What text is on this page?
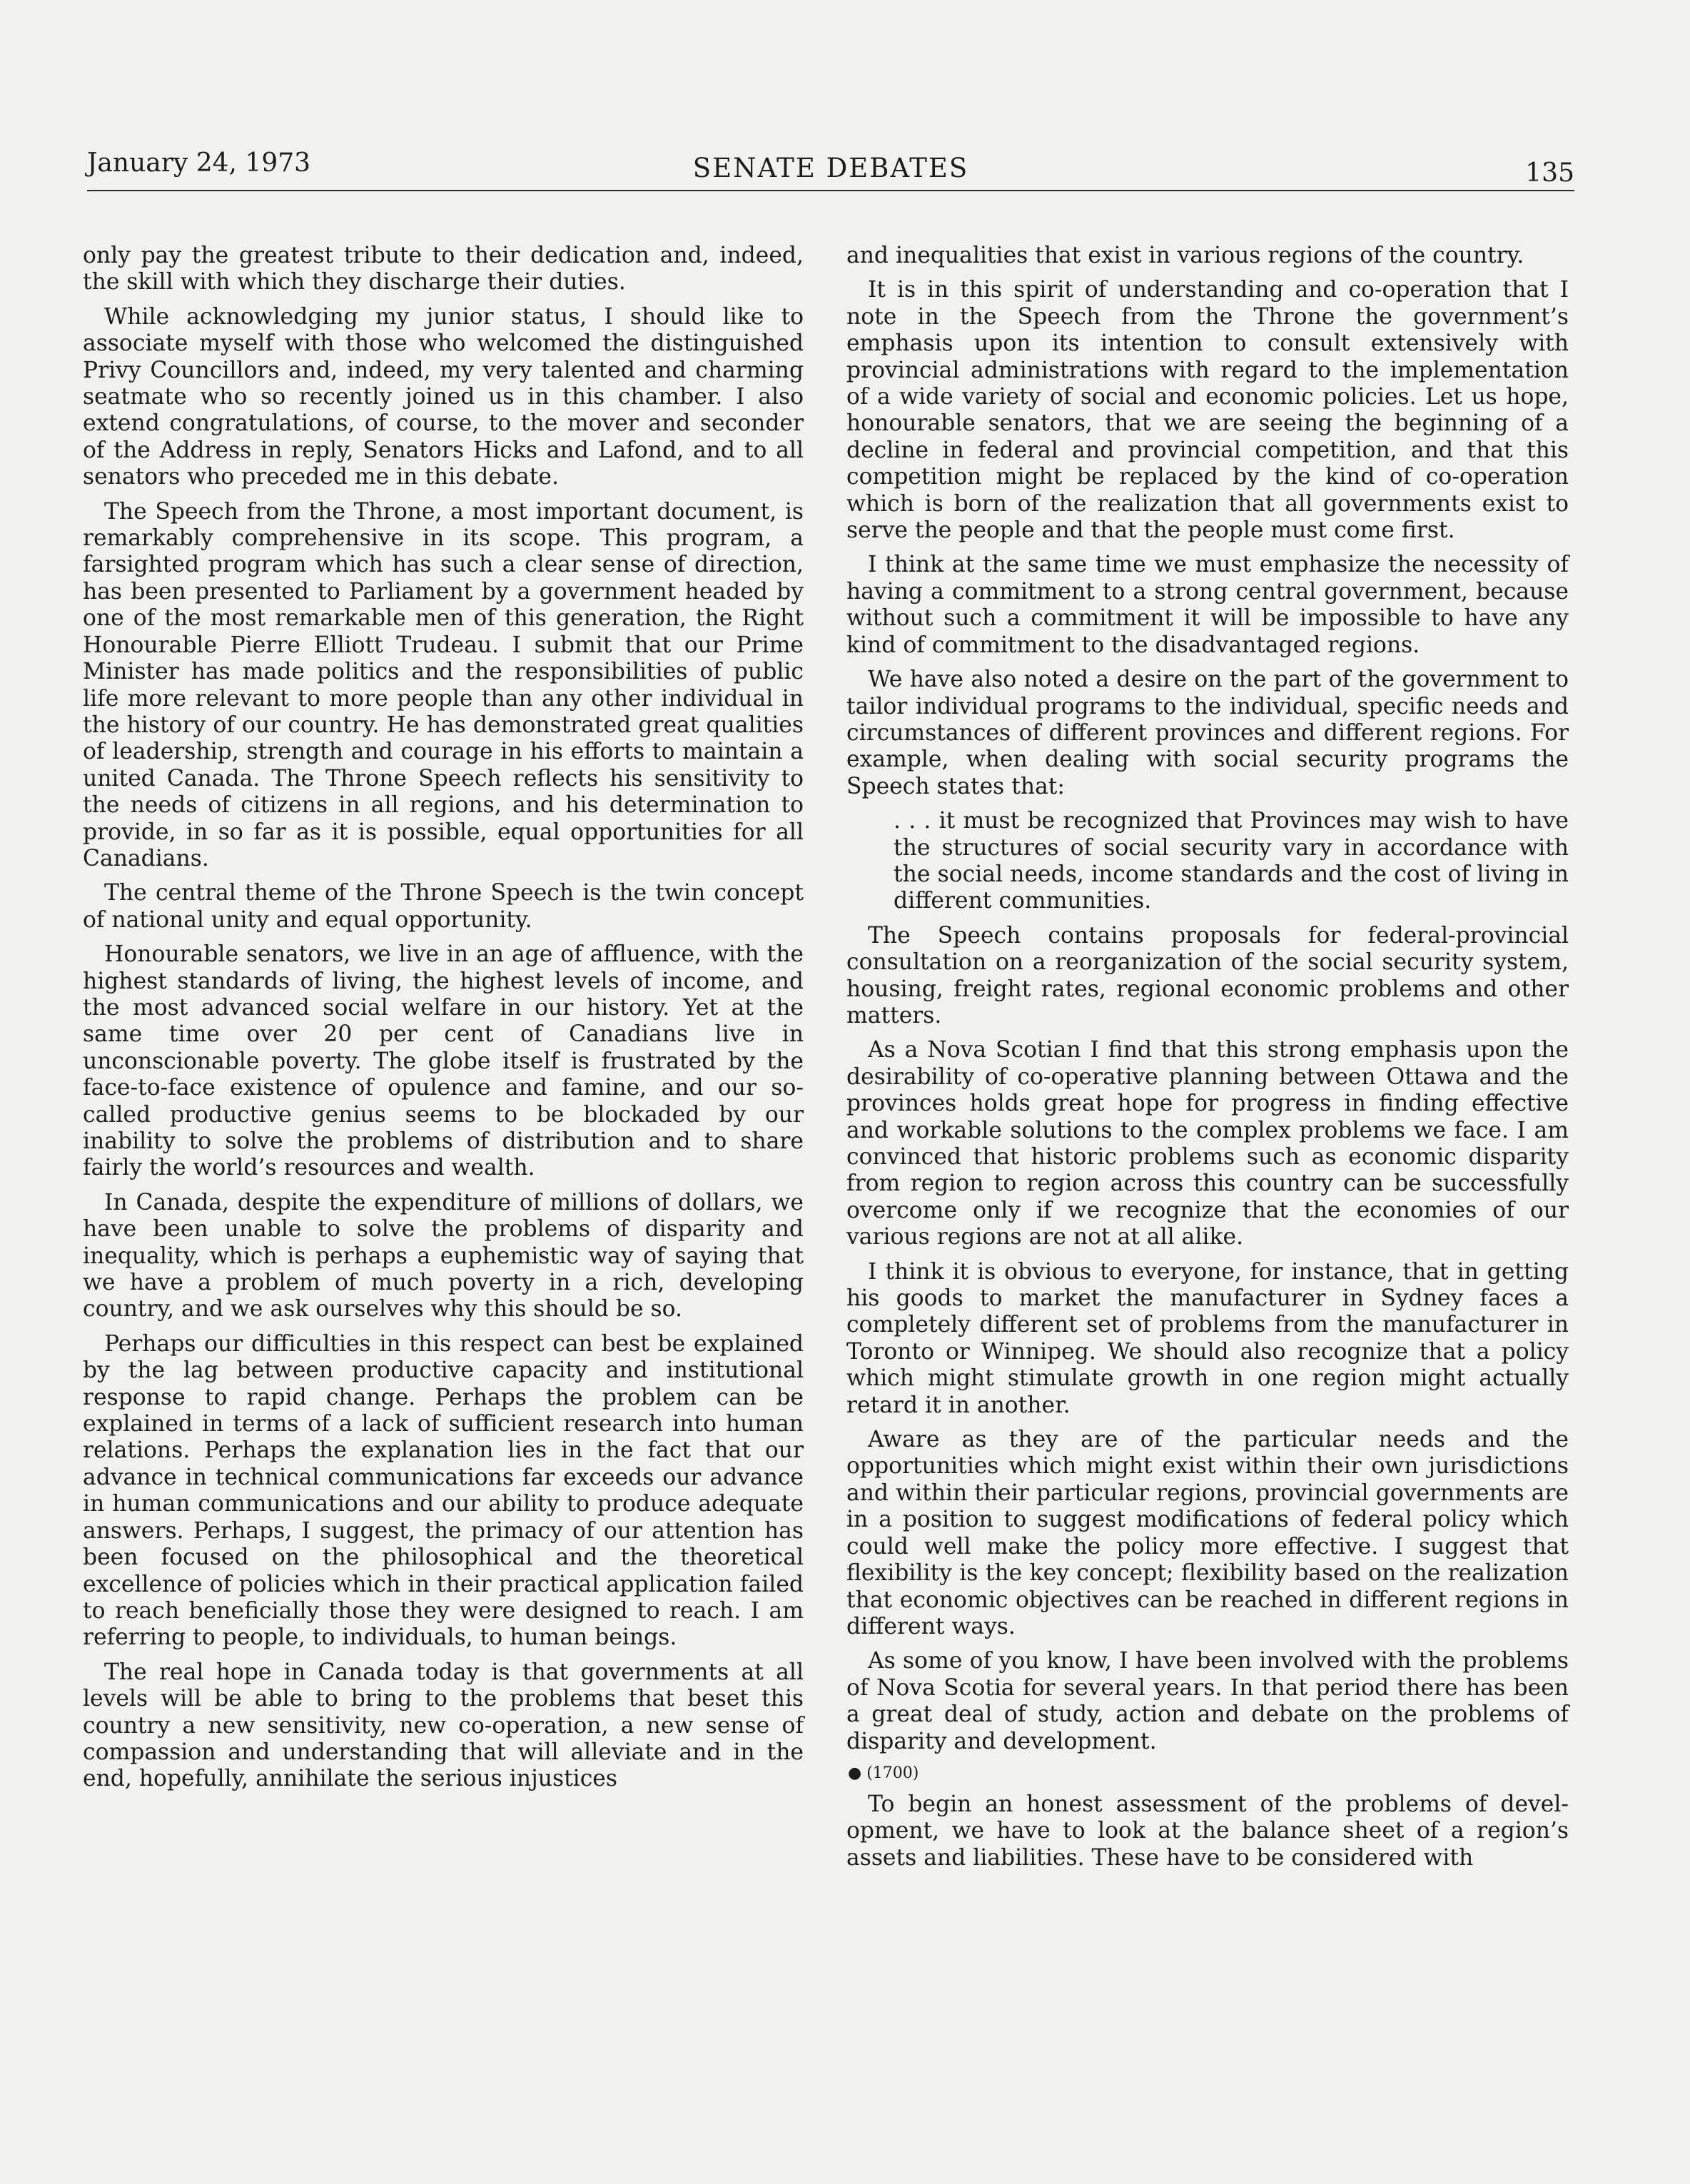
January 24, 1973	SENATE DEBATES	135

only pay the greatest tribute to their dedication and, indeed, the skill with which they discharge their duties.

While acknowledging my junior status, I should like to associate myself with those who welcomed the distinguished Privy Councillors and, indeed, my very talented and charming seatmate who so recently joined us in this chamber. I also extend congratulations, of course, to the mover and seconder of the Address in reply, Senators Hicks and Lafond, and to all senators who preceded me in this debate.

The Speech from the Throne, a most important document, is remarkably comprehensive in its scope. This program, a farsighted program which has such a clear sense of direction, has been presented to Parliament by a government headed by one of the most remarkable men of this generation, the Right Honourable Pierre Elliott Trudeau. I submit that our Prime Minister has made politics and the responsibilities of public life more relevant to more people than any other individual in the history of our country. He has demonstrated great qualities of leadership, strength and courage in his efforts to maintain a united Canada. The Throne Speech reflects his sensitivity to the needs of citizens in all regions, and his determination to provide, in so far as it is possible, equal opportunities for all Canadians.

The central theme of the Throne Speech is the twin concept of national unity and equal opportunity.

Honourable senators, we live in an age of affluence, with the highest standards of living, the highest levels of income, and the most advanced social welfare in our history. Yet at the same time over 20 per cent of Canadians live in unconscionable poverty. The globe itself is frustrated by the face-to-face existence of opulence and famine, and our so-called productive genius seems to be blockaded by our inability to solve the problems of distribution and to share fairly the world’s resources and wealth.

In Canada, despite the expenditure of millions of dollars, we have been unable to solve the problems of disparity and inequality, which is perhaps a euphemistic way of saying that we have a problem of much poverty in a rich, developing country, and we ask ourselves why this should be so.

Perhaps our difficulties in this respect can best be explained by the lag between productive capacity and institutional response to rapid change. Perhaps the problem can be explained in terms of a lack of sufficient research into human relations. Perhaps the explanation lies in the fact that our advance in technical communications far exceeds our advance in human communications and our ability to produce adequate answers. Perhaps, I suggest, the primacy of our attention has been focused on the philosophical and the theoretical excellence of policies which in their practical application failed to reach beneficially those they were designed to reach. I am referring to people, to individuals, to human beings.

The real hope in Canada today is that governments at all levels will be able to bring to the problems that beset this country a new sensitivity, new co-operation, a new sense of compassion and understanding that will alleviate and in the end, hopefully, annihilate the serious injustices

and inequalities that exist in various regions of the country.

It is in this spirit of understanding and co-operation that I note in the Speech from the Throne the government’s emphasis upon its intention to consult extensively with provincial administrations with regard to the implementation of a wide variety of social and economic policies. Let us hope, honourable senators, that we are seeing the beginning of a decline in federal and provincial competition, and that this competition might be replaced by the kind of co-operation which is born of the realization that all governments exist to serve the people and that the people must come first.

I think at the same time we must emphasize the necessity of having a commitment to a strong central government, because without such a commitment it will be impossible to have any kind of commitment to the disadvantaged regions.

We have also noted a desire on the part of the government to tailor individual programs to the individual, specific needs and circumstances of different provinces and different regions. For example, when dealing with social security programs the Speech states that:

. . . it must be recognized that Provinces may wish to have the structures of social security vary in accordance with the social needs, income standards and the cost of living in different communities.

The Speech contains proposals for federal-provincial consultation on a reorganization of the social security system, housing, freight rates, regional economic problems and other matters.

As a Nova Scotian I find that this strong emphasis upon the desirability of co-operative planning between Ottawa and the provinces holds great hope for progress in finding effective and workable solutions to the complex problems we face. I am convinced that historic problems such as economic disparity from region to region across this country can be successfully overcome only if we recognize that the economies of our various regions are not at all alike.

I think it is obvious to everyone, for instance, that in getting his goods to market the manufacturer in Sydney faces a completely different set of problems from the manufacturer in Toronto or Winnipeg. We should also recognize that a policy which might stimulate growth in one region might actually retard it in another.

Aware as they are of the particular needs and the opportunities which might exist within their own jurisdictions and within their particular regions, provincial governments are in a position to suggest modifications of federal policy which could well make the policy more effective. I suggest that flexibility is the key concept; flexibility based on the realization that economic objectives can be reached in different regions in different ways.

As some of you know, I have been involved with the problems of Nova Scotia for several years. In that period there has been a great deal of study, action and debate on the problems of disparity and development.

● (1700)

To begin an honest assessment of the problems of development, we have to look at the balance sheet of a region’s assets and liabilities. These have to be considered with
